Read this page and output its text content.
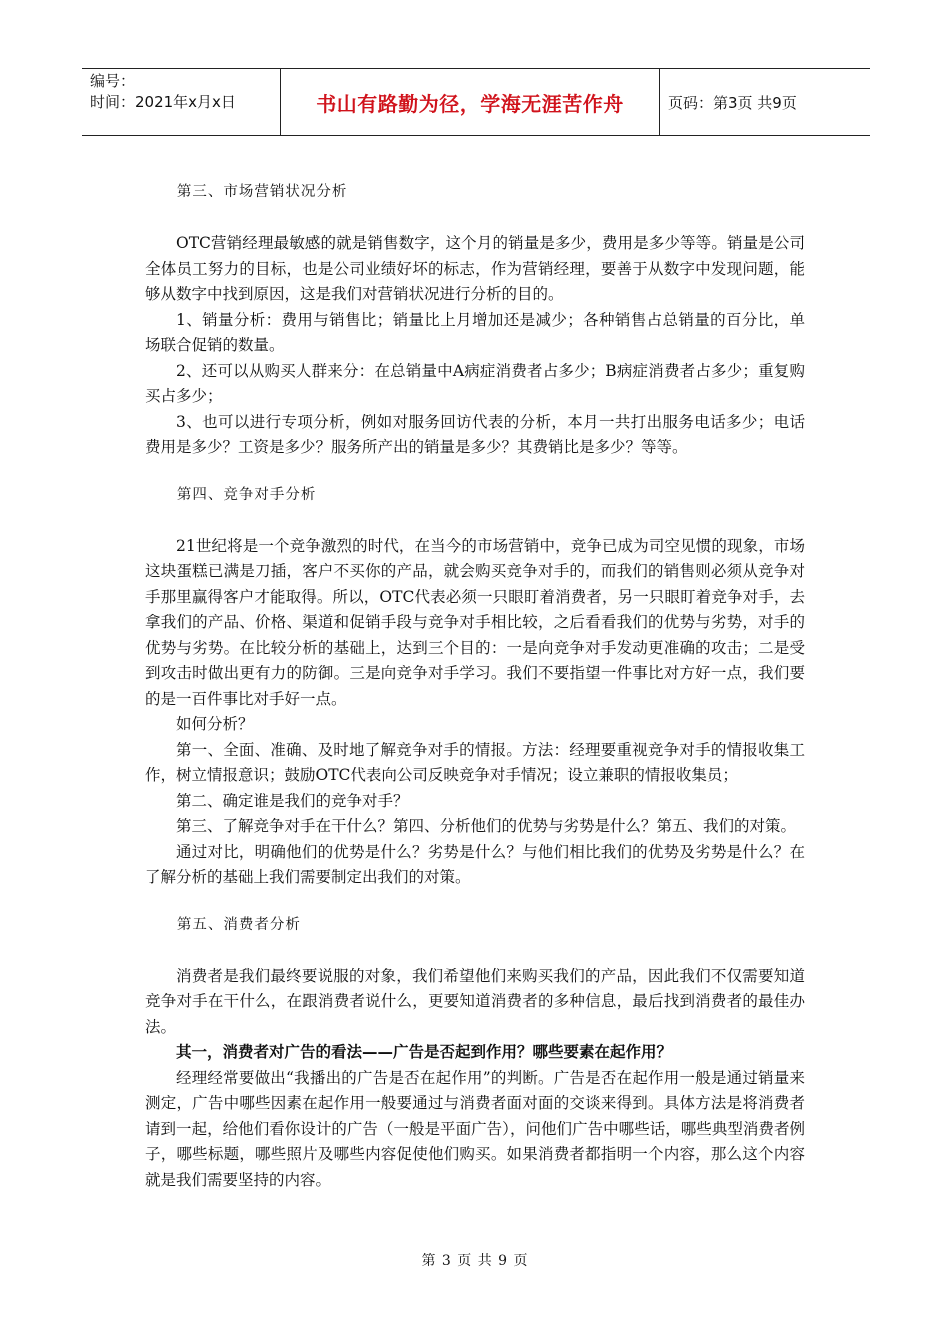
编号：
时间：2021年x月x日	书山有路勤为径，学海无涯苦作舟	页码：第3页 共9页

第三、市场营销状况分析

OTC营销经理最敏感的就是销售数字，这个月的销量是多少，费用是多少等等。销量是公司全体员工努力的目标，也是公司业绩好坏的标志，作为营销经理，要善于从数字中发现问题，能够从数字中找到原因，这是我们对营销状况进行分析的目的。

1、销量分析：费用与销售比；销量比上月增加还是减少；各种销售占总销量的百分比，单场联合促销的数量。

2、还可以从购买人群来分：在总销量中A病症消费者占多少；B病症消费者占多少；重复购买占多少；

3、也可以进行专项分析，例如对服务回访代表的分析，本月一共打出服务电话多少；电话费用是多少？工资是多少？服务所产出的销量是多少？其费销比是多少？等等。

第四、竞争对手分析

21世纪将是一个竞争激烈的时代，在当今的市场营销中，竞争已成为司空见惯的现象，市场这块蛋糕已满是刀插，客户不买你的产品，就会购买竞争对手的，而我们的销售则必须从竞争对手那里赢得客户才能取得。所以，OTC代表必须一只眼盯着消费者，另一只眼盯着竞争对手，去拿我们的产品、价格、渠道和促销手段与竞争对手相比较，之后看看我们的优势与劣势，对手的优势与劣势。在比较分析的基础上，达到三个目的：一是向竞争对手发动更准确的攻击；二是受到攻击时做出更有力的防御。三是向竞争对手学习。我们不要指望一件事比对方好一点，我们要的是一百件事比对手好一点。

如何分析？

第一、全面、准确、及时地了解竞争对手的情报。方法：经理要重视竞争对手的情报收集工作，树立情报意识；鼓励OTC代表向公司反映竞争对手情况；设立兼职的情报收集员；

第二、确定谁是我们的竞争对手？

第三、了解竞争对手在干什么？第四、分析他们的优势与劣势是什么？第五、我们的对策。

通过对比，明确他们的优势是什么？劣势是什么？与他们相比我们的优势及劣势是什么？在了解分析的基础上我们需要制定出我们的对策。

第五、消费者分析

消费者是我们最终要说服的对象，我们希望他们来购买我们的产品，因此我们不仅需要知道竞争对手在干什么，在跟消费者说什么，更要知道消费者的多种信息，最后找到消费者的最佳办法。

其一，消费者对广告的看法——广告是否起到作用？哪些要素在起作用？

经理经常要做出“我播出的广告是否在起作用”的判断。广告是否在起作用一般是通过销量来测定，广告中哪些因素在起作用一般要通过与消费者面对面的交谈来得到。具体方法是将消费者请到一起，给他们看你设计的广告（一般是平面广告），问他们广告中哪些话，哪些典型消费者例子，哪些标题，哪些照片及哪些内容促使他们购买。如果消费者都指明一个内容，那么这个内容就是我们需要坚持的内容。

第 3 页 共 9 页
